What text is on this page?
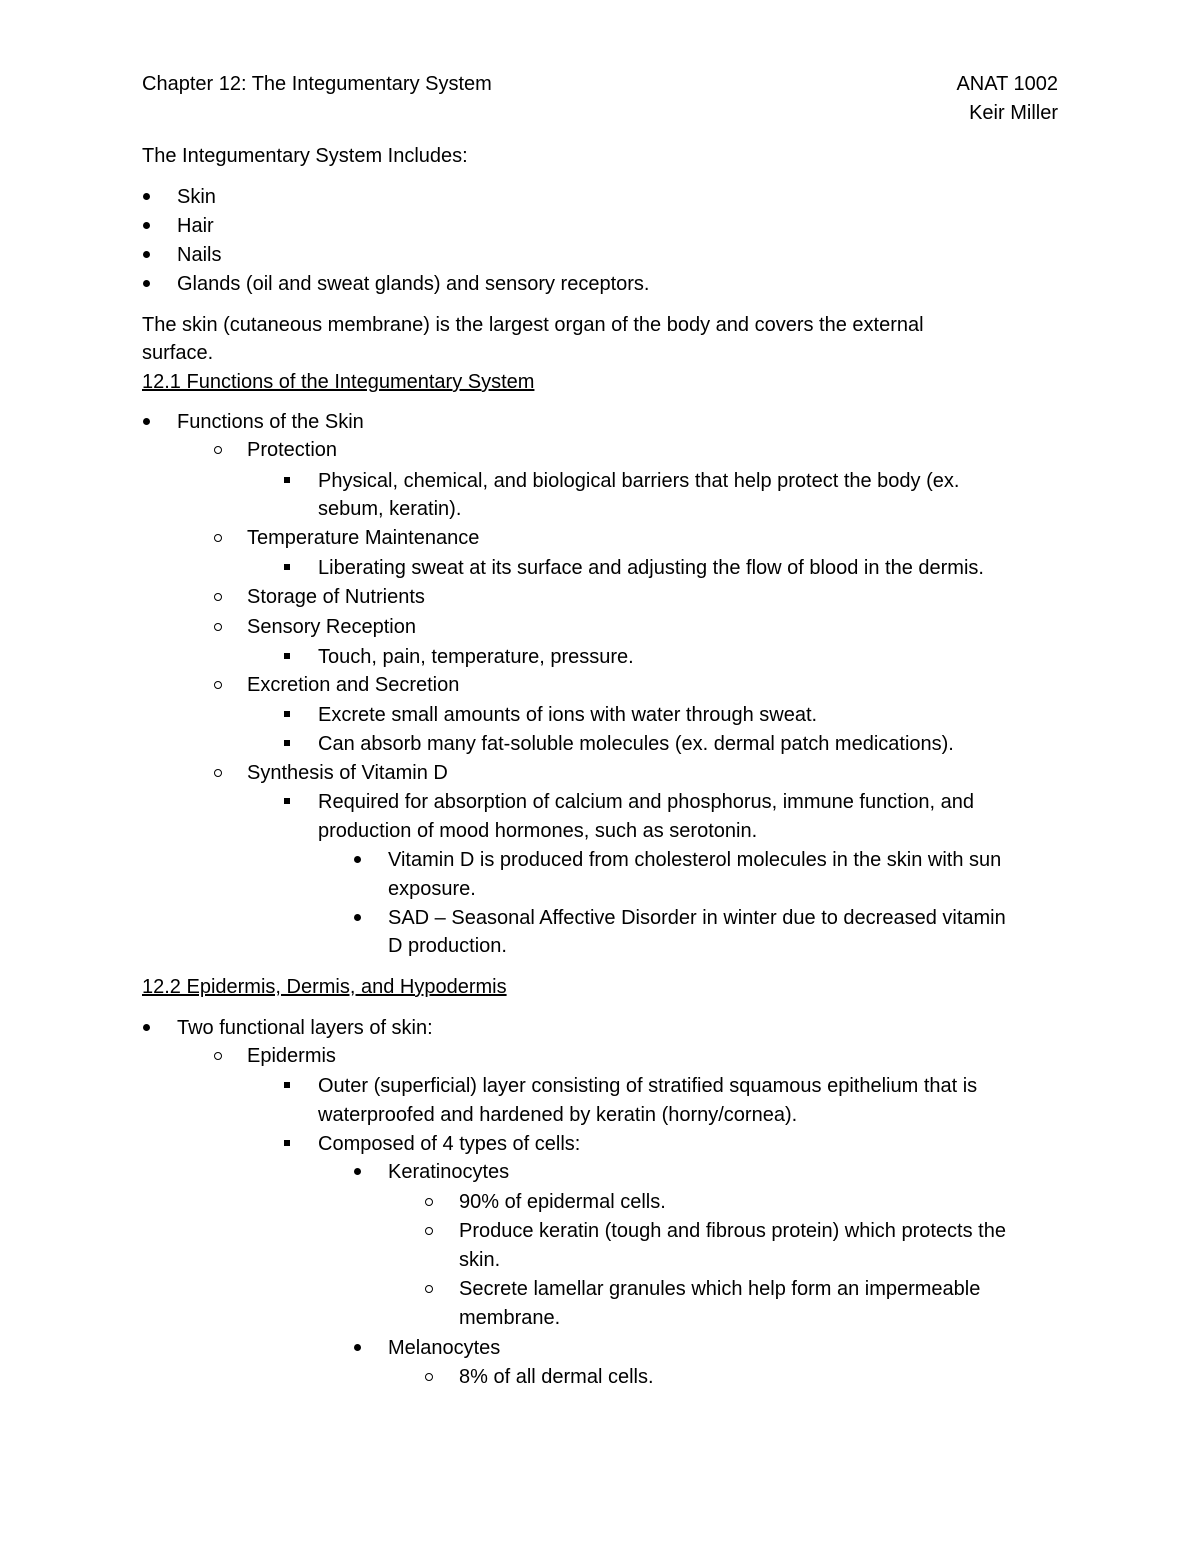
Chapter 12: The Integumentary System	ANAT 1002
Keir Miller
The Integumentary System Includes:
Skin
Hair
Nails
Glands (oil and sweat glands) and sensory receptors.
The skin (cutaneous membrane) is the largest organ of the body and covers the external
surface.
12.1 Functions of the Integumentary System
Functions of the Skin
Protection
Physical, chemical, and biological barriers that help protect the body (ex.
sebum, keratin).
Temperature Maintenance
Liberating sweat at its surface and adjusting the flow of blood in the dermis.
Storage of Nutrients
Sensory Reception
Touch, pain, temperature, pressure.
Excretion and Secretion
Excrete small amounts of ions with water through sweat.
Can absorb many fat-soluble molecules (ex. dermal patch medications).
Synthesis of Vitamin D
Required for absorption of calcium and phosphorus, immune function, and
production of mood hormones, such as serotonin.
Vitamin D is produced from cholesterol molecules in the skin with sun
exposure.
SAD – Seasonal Affective Disorder in winter due to decreased vitamin
D production.
12.2 Epidermis, Dermis, and Hypodermis
Two functional layers of skin:
Epidermis
Outer (superficial) layer consisting of stratified squamous epithelium that is
waterproofed and hardened by keratin (horny/cornea).
Composed of 4 types of cells:
Keratinocytes
90% of epidermal cells.
Produce keratin (tough and fibrous protein) which protects the
skin.
Secrete lamellar granules which help form an impermeable
membrane.
Melanocytes
8% of all dermal cells.
